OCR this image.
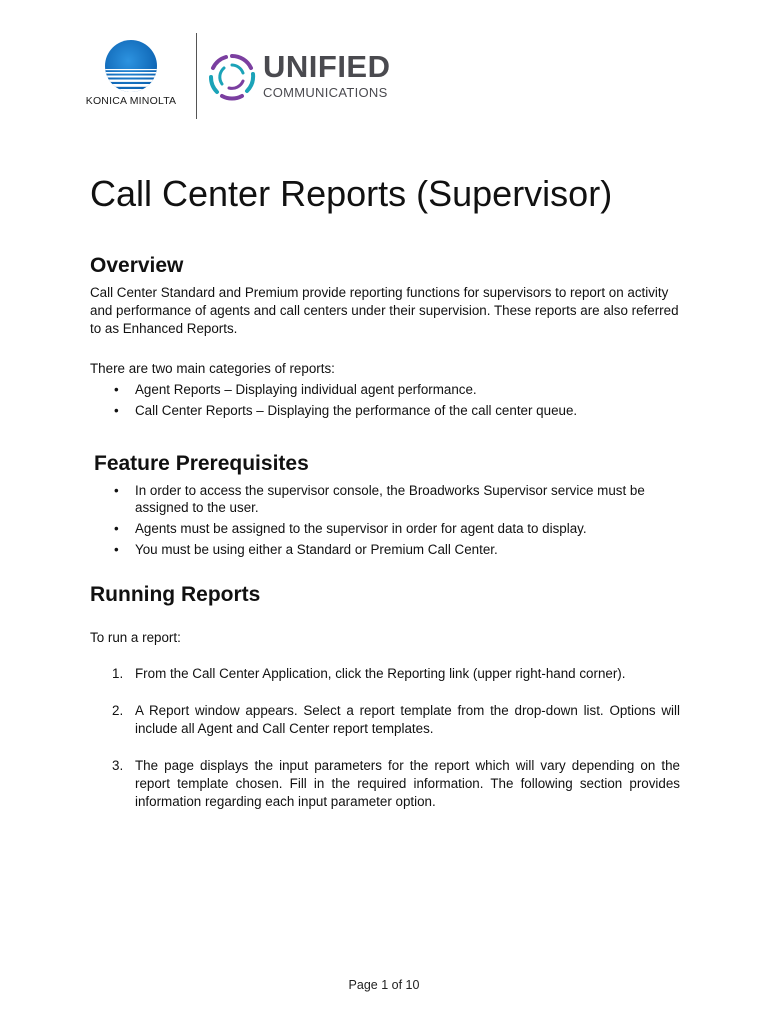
KONICA MINOLTA
UNIFIED
COMMUNICATIONS
Call Center Reports (Supervisor)
Overview

Call Center Standard and Premium provide reporting functions for supervisors to report on activity and performance of agents and call centers under their supervision. These reports are also referred to as Enhanced Reports.

There are two main categories of reports:

• Agent Reports – Displaying individual agent performance.
• Call Center Reports – Displaying the performance of the call center queue.
Feature Prerequisites
• In order to access the supervisor console, the Broadworks Supervisor service must be assigned to the user.
• Agents must be assigned to the supervisor in order for agent data to display.
• You must be using either a Standard or Premium Call Center.
Running Reports

To run a report:

1. From the Call Center Application, click the Reporting link (upper right-hand corner).
2. A Report window appears. Select a report template from the drop-down list. Options will include all Agent and Call Center report templates.
3. The page displays the input parameters for the report which will vary depending on the report template chosen. Fill in the required information. The following section provides information regarding each input parameter option.
Page 1 of 10
